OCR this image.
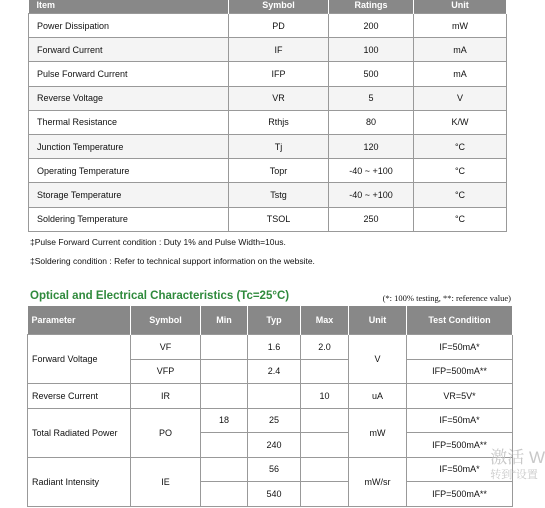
Item	Symbol	Ratings	Unit
Power Dissipation	PD	200	mW
Forward Current	IF	100	mA
Pulse Forward Current	IFP	500	mA
Reverse Voltage	VR	5	V
Thermal Resistance	Rthjs	80	K/W
Junction Temperature	Tj	120	°C
Operating Temperature	Topr	-40 ~ +100	°C
Storage Temperature	Tstg	-40 ~ +100	°C
Soldering Temperature	TSOL	250	°C
‡Pulse Forward Current condition : Duty 1% and Pulse Width=10us.
‡Soldering condition : Refer to technical support information on the website.
Optical and Electrical Characteristics (Tc=25°C)	(*: 100% testing, **: reference value)
Parameter	Symbol	Min	Typ	Max	Unit	Test Condition
Forward Voltage	VF		1.6	2.0	V	IF=50mA*
	VFP		2.4			IFP=500mA**
Reverse Current	IR			10	uA	VR=5V*
Total Radiated Power	PO	18	25		mW	IF=50mA*
			240			IFP=500mA**
Radiant Intensity	IE		56		mW/sr	IF=50mA*
			540			IFP=500mA**
激活 W
转到“设置
